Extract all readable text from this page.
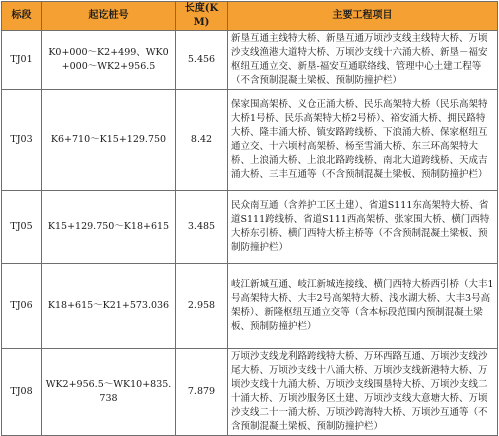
标段	起讫桩号	长度(KM)	主要工程项目
TJ01	K0+000～K2+499、WK0+000～WK2+956.5	5.456	新垦互通主线特大桥、新垦互通万顷沙支线主线特大桥、万顷沙支线渔港大道特大桥、万顷沙支线十六涌大桥、新垦－福安枢纽互通立交、新垦-福安互通联络线、管理中心土建工程等（不含预制混凝土梁板、预制防撞护栏）
TJ03	K6+710～K15+129.750	8.42	保家围高架桥、义仓正涌大桥、民乐高架特大桥（民乐高架特大桥1号桥、民乐高架特大桥2号桥）、裕安涌大桥、拥民路特大桥、隆丰涌大桥、镇安路跨线桥、下浪涌大桥、保家枢纽互通立交、十六顷村高架桥、杨至雪涌大桥、东三环高架特大桥、上浪涌大桥、上浪北路跨线桥、南北大道跨线桥、天成吉涌大桥、三丰互通等（不含预制混凝土梁板、预制防撞护栏）
TJ05	K15+129.750～K18+615	3.485	民众南互通（含养护工区土建）、省道S111东高架特大桥、省道S111跨线桥、省道S111西高架桥、张家围大桥、横门西特大桥东引桥、横门西特大桥主桥等（不含预制混凝土梁板、预制防撞护栏）
TJ06	K18+615～K21+573.036	2.958	岐江新城互通、岐江新城连接线、横门西特大桥西引桥（大丰1号高架特大桥、大丰2号高架特大桥、浅水湖大桥、大丰3号高架桥）、新隆枢纽互通立交等（含本标段范围内预制混凝土梁板、预制防撞护栏）
TJ08	WK2+956.5～WK10+835.738	7.879	万顷沙支线龙利路跨线特大桥、万环西路互通、万顷沙支线沙尾大桥、万顷沙支线十八涌大桥、万顷沙支线新港特大桥、万顷沙支线十九涌大桥、万顷沙支线围垦特大桥、万顷沙支线二十涌大桥、万顷沙服务区土建、万顷沙支线大意塘大桥、万顷沙支线二十一涌大桥、万顷沙跨海特大桥、万顷沙互通等（不含预制混凝土梁板、预制防撞护栏）
